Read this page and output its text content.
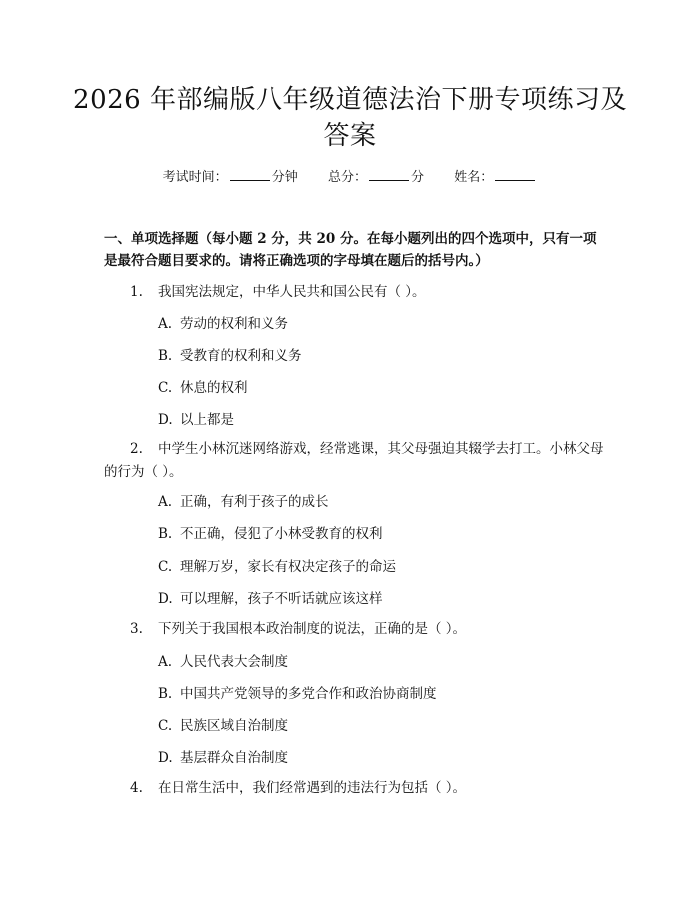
2026 年部编版八年级道德法治下册专项练习及答案
考试时间：	分钟 总分：	分 姓名：
一、单项选择题（每小题 2 分，共 20 分。在每小题列出的四个选项中，只有一项是最符合题目要求的。请将正确选项的字母填在题后的括号内。）
1. 我国宪法规定，中华人民共和国公民有（ ）。
A. 劳动的权利和义务
B. 受教育的权利和义务
C. 休息的权利
D. 以上都是
2. 中学生小林沉迷网络游戏，经常逃课，其父母强迫其辍学去打工。小林父母的行为（ ）。
A. 正确，有利于孩子的成长
B. 不正确，侵犯了小林受教育的权利
C. 理解万岁，家长有权决定孩子的命运
D. 可以理解，孩子不听话就应该这样
3. 下列关于我国根本政治制度的说法，正确的是（ ）。
A. 人民代表大会制度
B. 中国共产党领导的多党合作和政治协商制度
C. 民族区域自治制度
D. 基层群众自治制度
4. 在日常生活中，我们经常遇到的违法行为包括（ ）。
